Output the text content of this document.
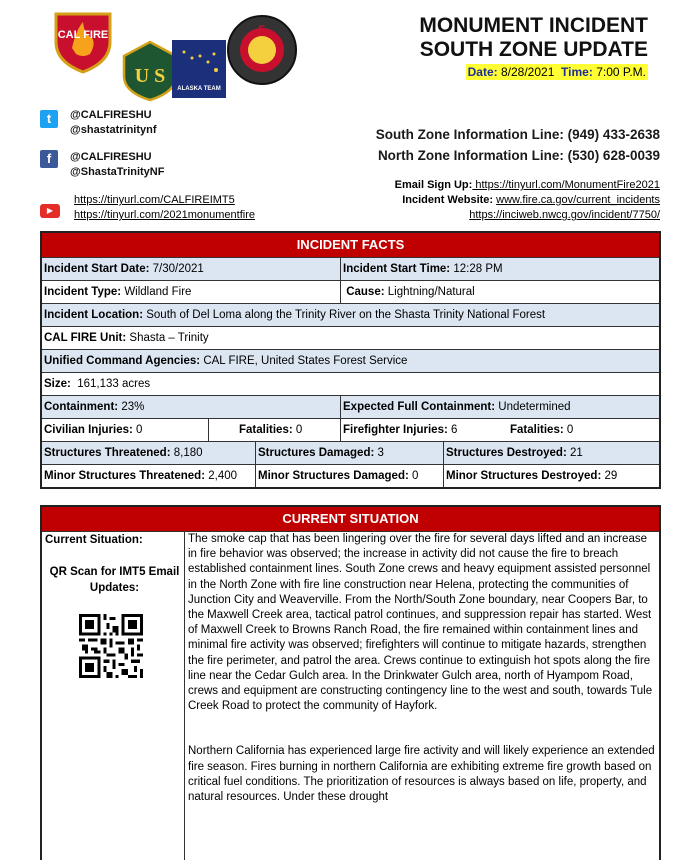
CAL FIRE
U S
ALASKA TEAM
5	MONUMENT INCIDENT
SOUTH ZONE UPDATE
Date: 8/28/2021 Time: 7:00 P.M.
t	@CALFIRESHU
@shastatrinitynf
f	@CALFIRESHU
@ShastaTrinityNF
▶
https://tinyurl.com/CALFIREIMT5
https://tinyurl.com/2021monumentfire
South Zone Information Line: (949) 433-2638
North Zone Information Line: (530) 628-0039
Email Sign Up: https://tinyurl.com/MonumentFire2021
Incident Website: www.fire.ca.gov/current_incidents
https://inciweb.nwcg.gov/incident/7750/
INCIDENT FACTS
Incident Start Date: 7/30/2021	Incident Start Time: 12:28 PM
Incident Type: Wildland Fire	Cause: Lightning/Natural
Incident Location: South of Del Loma along the Trinity River on the Shasta Trinity National Forest
CAL FIRE Unit: Shasta – Trinity
Unified Command Agencies: CAL FIRE, United States Forest Service
Size: 161,133 acres
Containment: 23%	Expected Full Containment: Undetermined
Civilian Injuries: 0	Fatalities: 0	Firefighter Injuries: 6	Fatalities: 0
Structures Threatened: 8,180	Structures Damaged: 3	Structures Destroyed: 21
Minor Structures Threatened: 2,400	Minor Structures Damaged: 0	Minor Structures Destroyed: 29
CURRENT SITUATION
Current Situation:
QR Scan for IMT5 Email Updates:

The smoke cap that has been lingering over the fire for several days lifted and an increase in fire behavior was observed; the increase in activity did not cause the fire to breach established containment lines. South Zone crews and heavy equipment assisted personnel in the North Zone with fire line construction near Helena, protecting the communities of Junction City and Weaverville. From the North/South Zone boundary, near Coopers Bar, to the Maxwell Creek area, tactical patrol continues, and suppression repair has started. West of Maxwell Creek to Browns Ranch Road, the fire remained within containment lines and minimal fire activity was observed; firefighters will continue to mitigate hazards, strengthen the fire perimeter, and patrol the area. Crews continue to extinguish hot spots along the fire line near the Cedar Gulch area. In the Drinkwater Gulch area, north of Hyampom Road, crews and equipment are constructing contingency line to the west and south, towards Tule Creek Road to protect the community of Hayfork.

Northern California has experienced large fire activity and will likely experience an extended fire season. Fires burning in northern California are exhibiting extreme fire growth based on critical fuel conditions. The prioritization of resources is always based on life, property, and natural resources. Under these drought
